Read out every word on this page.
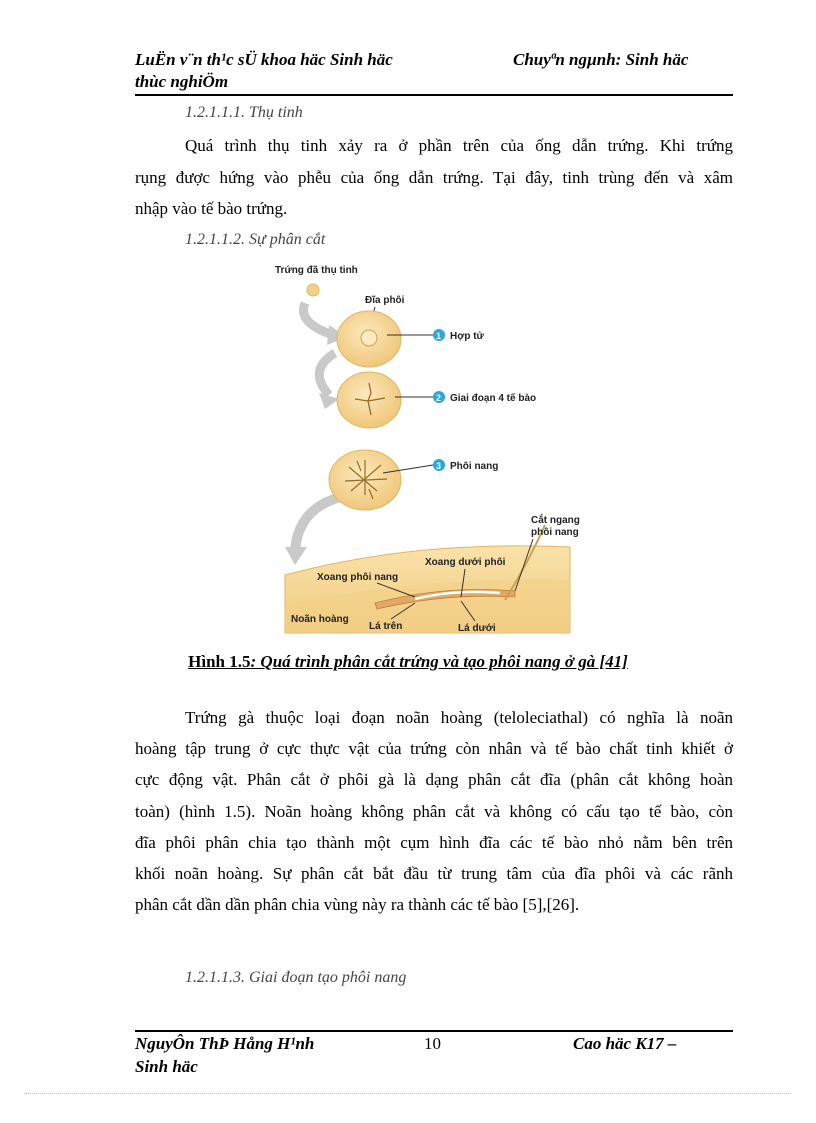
LuËn v¨n th¹c sÜ khoa häc Sinh häc
thùc nghiÖm
Chuyªn ngµnh: Sinh häc
1.2.1.1.1. Thụ tinh
Quá trình thụ tinh xảy ra ở phần trên của ống dẫn trứng. Khi trứng
rụng được hứng vào phễu của ống dẫn trứng. Tại đây, tinh trùng đến và xâm
nhập vào tế bào trứng.
1.2.1.1.2. Sự phân cắt
Trứng đã thụ tinh
Đĩa phôi
1 Hợp tử
2 Giai đoạn 4 tế bào
3 Phôi nang
Cắt ngang
phôi nang
Xoang dưới phôi
Xoang phôi nang
Noãn hoàng
Lá trên	Lá dưới
Hình 1.5: Quá trình phân cắt trứng và tạo phôi nang ở gà [41]
Trứng gà thuộc loại đoạn noãn hoàng (teloleciathal) có nghĩa là noãn
hoàng tập trung ở cực thực vật của trứng còn nhân và tế bào chất tinh khiết ở
cực động vật. Phân cắt ở phôi gà là dạng phân cắt đĩa (phân cắt không hoàn
toàn) (hình 1.5). Noãn hoàng không phân cắt và không có cấu tạo tế bào, còn
đĩa phôi phân chia tạo thành một cụm hình đĩa các tế bào nhỏ nằm bên trên
khối noãn hoàng. Sự phân cắt bắt đầu từ trung tâm của đĩa phôi và các rãnh
phân cắt dần dần phân chia vùng này ra thành các tế bào [5],[26].
1.2.1.1.3. Giai đoạn tạo phôi nang
NguyÔn ThÞ Hång H¹nh
Sinh häc
10	Cao häc K17 –
